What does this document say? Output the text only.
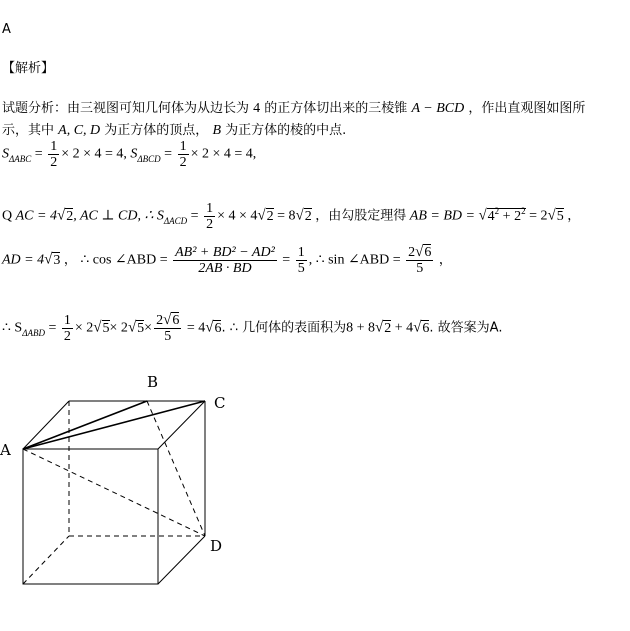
A
【解析】
试题分析：由三视图可知几何体为从边长为 4 的正方体切出来的三棱锥 A − BCD ，作出直观图如图所
示，其中 A, C, D 为正方体的顶点， B 为正方体的棱的中点.
$S_{\Delta ABC} = \frac{1}{2} \times 2 \times 4 = 4$, $S_{\Delta BCD} = \frac{1}{2} \times 2 \times 4 = 4$,
Q AC = 4√2, AC ⊥ CD, ∴ $S_{\Delta ACD} = \frac{1}{2} \times 4 \times 4√2 = 8√2$ ，由勾股定理得 AB = BD = $√4^2 + 2^2 = 2√5$ ，
AD = 4√3 ， ∴ cos ∠ABD = $\frac{\text{AB² + BD² − AD²}}{2AB \cdot BD} = \frac{1}{5}$ , ∴ sin ∠ABD = $\frac{2√6}{5}$ ，
∴ $S_{\Delta ABD} = \frac{1}{2} \times 2√5\times 2√5\times \frac{2√6}{5} = 4√6$. ∴ 几何体的表面积为8 + 8√2 + 4√6. 故答案为A.
A
B
C
D
